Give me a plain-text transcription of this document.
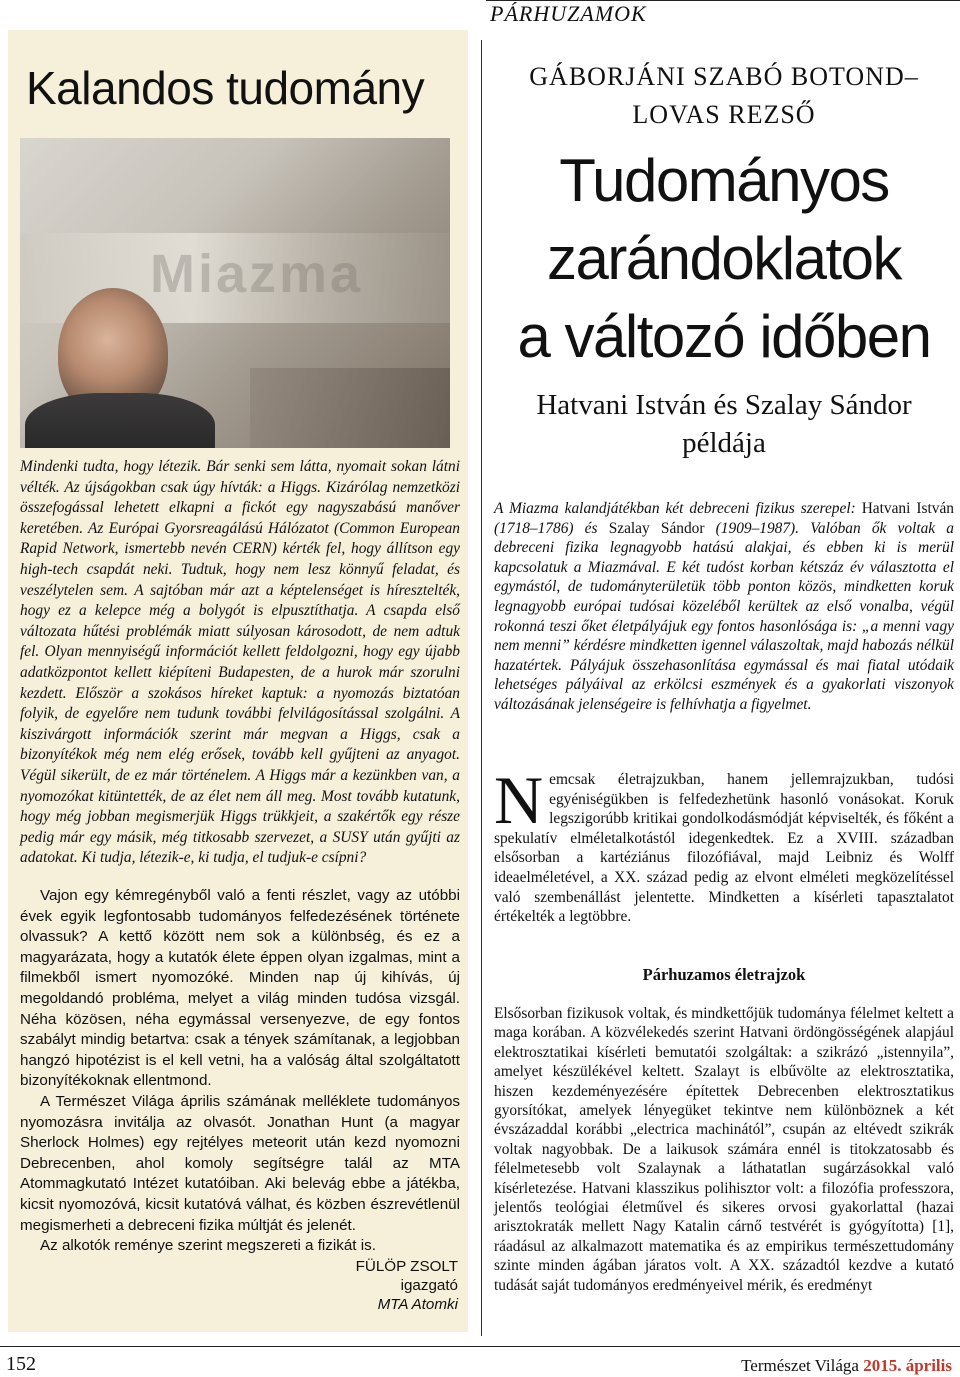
PÁRHUZAMOK
Kalandos tudomány
Miazma

Mindenki tudta, hogy létezik. Bár senki sem látta, nyomait sokan látni vélték. Az újságokban csak úgy hívták: a Higgs. Kizárólag nemzetközi összefogással lehetett elkapni a fickót egy nagyszabású manőver keretében. Az Európai Gyorsreagálású Hálózatot (Common European Rapid Network, ismertebb nevén CERN) kérték fel, hogy állítson egy high-tech csapdát neki. Tudtuk, hogy nem lesz könnyű feladat, és veszélytelen sem. A sajtóban már azt a képtelenséget is híresztelték, hogy ez a kelepce még a bolygót is elpusztíthatja. A csapda első változata hűtési problémák miatt súlyosan károsodott, de nem adtuk fel. Olyan mennyiségű információt kellett feldolgozni, hogy egy újabb adatközpontot kellett kiépíteni Budapesten, de a hurok már szorulni kezdett. Először a szokásos híreket kaptuk: a nyomozás biztatóan folyik, de egyelőre nem tudunk további felvilágosítással szolgálni. A kiszivárgott információk szerint már megvan a Higgs, csak a bizonyítékok még nem elég erősek, tovább kell gyűjteni az anyagot. Végül sikerült, de ez már történelem. A Higgs már a kezünkben van, a nyomozókat kitüntették, de az élet nem áll meg. Most tovább kutatunk, hogy még jobban megismerjük Higgs trükkjeit, a szakértők egy része pedig már egy másik, még titkosabb szervezet, a SUSY után gyűjti az adatokat. Ki tudja, létezik-e, ki tudja, el tudjuk-e csípni?

Vajon egy kémregényből való a fenti részlet, vagy az utóbbi évek egyik legfontosabb tudományos felfedezésének története olvassuk? A kettő között nem sok a különbség, és ez a magyarázata, hogy a kutatók élete éppen olyan izgalmas, mint a filmekből ismert nyomozóké. Minden nap új kihívás, új megoldandó probléma, melyet a világ minden tudósa vizsgál. Néha közösen, néha egymással versenyezve, de egy fontos szabályt mindig betartva: csak a tények számítanak, a legjobban hangzó hipotézist is el kell vetni, ha a valóság által szolgáltatott bizonyítékoknak ellentmond.

A Természet Világa április számának melléklete tudományos nyomozásra invitálja az olvasót. Jonathan Hunt (a magyar Sherlock Holmes) egy rejtélyes meteorit után kezd nyomozni Debrecenben, ahol komoly segítségre talál az MTA Atommagkutató Intézet kutatóiban. Aki belevág ebbe a játékba, kicsit nyomozóvá, kicsit kutatóvá válhat, és közben észrevétlenül megismerheti a debreceni fizika múltját és jelenét.

Az alkotók reménye szerint megszereti a fizikát is.

FÜLÖP ZSOLT
igazgató
MTA Atomki
GÁBORJÁNI SZABÓ BOTOND–
LOVAS REZSŐ
Tudományos
zarándoklatok
a változó időben
Hatvani István és Szalay Sándor
példája

A Miazma kalandjátékban két debreceni fizikus szerepel: Hatvani István (1718–1786) és Szalay Sándor (1909–1987). Valóban ők voltak a debreceni fizika legnagyobb hatású alakjai, és ebben ki is merül kapcsolatuk a Miazmával. E két tudóst korban kétszáz év választotta el egymástól, de tudományterületük több ponton közös, mindketten koruk legnagyobb európai tudósai közeléből kerültek az első vonalba, végül rokonná teszi őket életpályájuk egy fontos hasonlósága is: „a menni vagy nem menni” kérdésre mindketten igennel válaszoltak, majd habozás nélkül hazatértek. Pályájuk összehasonlítása egymással és mai fiatal utódaik lehetséges pályáival az erkölcsi eszmények és a gyakorlati viszonyok változásának jelenségeire is felhívhatja a figyelmet.

N emcsak életrajzukban, hanem jellemrajzukban, tudósi egyéniségükben is felfedezhetünk hasonló vonásokat. Koruk legszigorúbb kritikai gondolkodásmódját képviselték, és főként a spekulatív elméletalkotástól idegenkedtek. Ez a XVIII. században elsősorban a kartéziánus filozófiával, majd Leibniz és Wolff ideaelméletével, a XX. század pedig az elvont elméleti megközelítéssel való szembenállást jelentette. Mindketten a kísérleti tapasztalatot értékelték a legtöbbre.

Párhuzamos életrajzok

Elsősorban fizikusok voltak, és mindkettőjük tudománya félelmet keltett a maga korában. A közvélekedés szerint Hatvani ördöngösségének alapjául elektrosztatikai kísérleti bemutatói szolgáltak: a szikrázó „istennyila”, amelyet készülékével keltett. Szalayt is elbűvölte az elektrosztatika, hiszen kezdeményezésére építettek Debrecenben elektrosztatikus gyorsítókat, amelyek lényegüket tekintve nem különböznek a két évszázaddal korábbi „electrica machinától”, csupán az eltévedt szikrák voltak nagyobbak. De a laikusok számára ennél is titokzatosabb és félelmetesebb volt Szalaynak a láthatatlan sugárzásokkal való kísérletezése. Hatvani klasszikus polihisztor volt: a filozófia professzora, jelentős teológiai életművel és sikeres orvosi gyakorlattal (hazai arisztokraták mellett Nagy Katalin cárnő testvérét is gyógyította) [1], ráadásul az alkalmazott matematika és az empirikus természettudomány szinte minden ágában járatos volt. A XX. századtól kezdve a kutató tudását saját tudományos eredményeivel mérik, és eredményt

152	Természet Világa 2015. április
